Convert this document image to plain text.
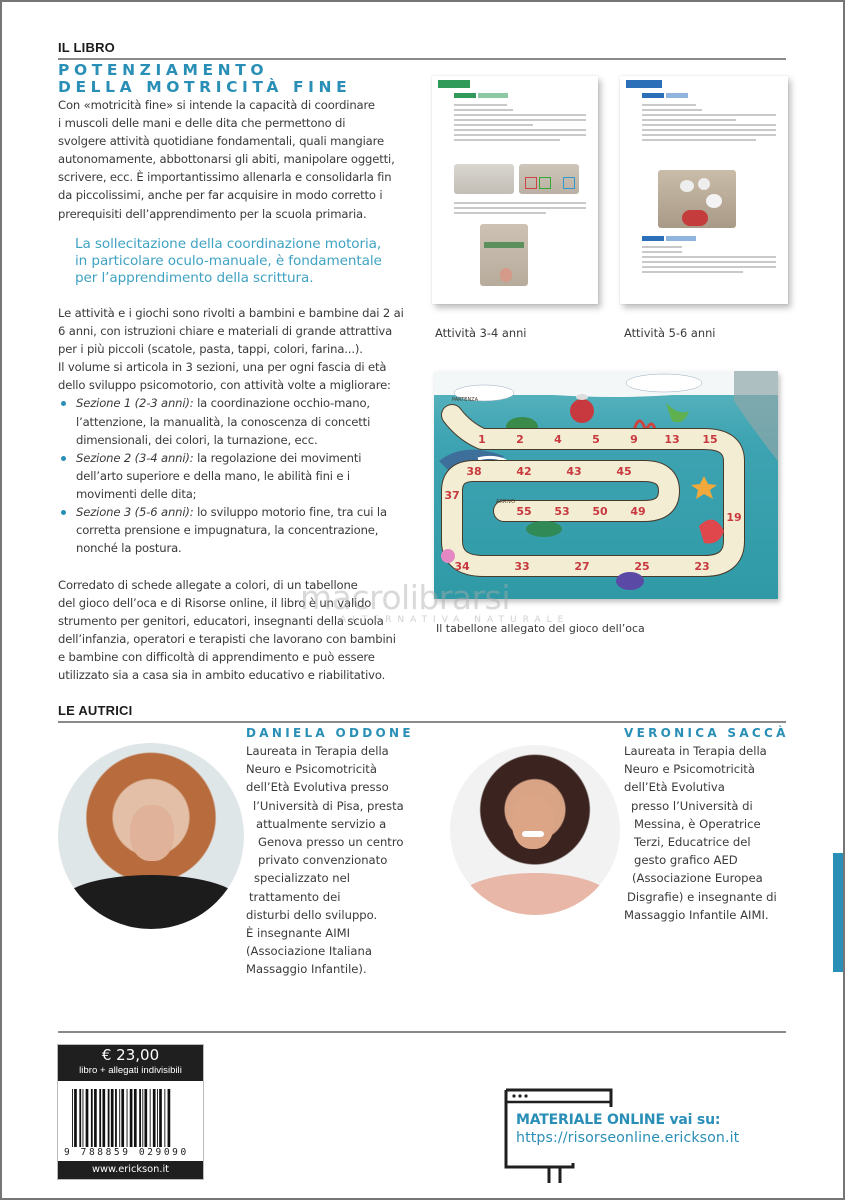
IL LIBRO
POTENZIAMENTO
DELLA MOTRICITÀ FINE
Con «motricità fine» si intende la capacità di coordinare
i muscoli delle mani e delle dita che permettono di
svolgere attività quotidiane fondamentali, quali mangiare
autonomamente, abbottonarsi gli abiti, manipolare oggetti,
scrivere, ecc. È importantissimo allenarla e consolidarla fin
da piccolissimi, anche per far acquisire in modo corretto i
prerequisiti dell’apprendimento per la scuola primaria.
La sollecitazione della coordinazione motoria,
in particolare oculo-manuale, è fondamentale
per l’apprendimento della scrittura.
Le attività e i giochi sono rivolti a bambini e bambine dai 2 ai
6 anni, con istruzioni chiare e materiali di grande attrattiva
per i più piccoli (scatole, pasta, tappi, colori, farina...).
Il volume si articola in 3 sezioni, una per ogni fascia di età
dello sviluppo psicomotorio, con attività volte a migliorare:
Sezione 1 (2-3 anni): la coordinazione occhio-mano,
l’attenzione, la manualità, la conoscenza di concetti
dimensionali, dei colori, la turnazione, ecc.
Sezione 2 (3-4 anni): la regolazione dei movimenti
dell’arto superiore e della mano, le abilità fini e i
movimenti delle dita;
Sezione 3 (5-6 anni): lo sviluppo motorio fine, tra cui la
corretta prensione e impugnatura, la concentrazione,
nonché la postura.
Corredato di schede allegate a colori, di un tabellone
del gioco dell’oca e di Risorse online, il libro è un valido
strumento per genitori, educatori, insegnanti della scuola
dell’infanzia, operatori e terapisti che lavorano con bambini
e bambine con difficoltà di apprendimento e può essere
utilizzato sia a casa sia in ambito educativo e riabilitativo.
Attività 3-4 anni	Attività 5-6 anni
1	2	4	5	9 13 15
38	42	43	45
55 53 50 49
34	33	27	25	23
37
19
PARTENZA
ARRIVO
Il tabellone allegato del gioco dell’oca
macrolibrarsi
ALTERNATIVA NATURALE
LE AUTRICI
DANIELA ODDONE
Laureata in Terapia della
Neuro e Psicomotricità
dell’Età Evolutiva presso
l’Università di Pisa, presta
attualmente servizio a
Genova presso un centro
privato convenzionato
specializzato nel
trattamento dei
disturbi dello sviluppo.
È insegnante AIMI
(Associazione Italiana
Massaggio Infantile).
VERONICA SACCÀ
Laureata in Terapia della
Neuro e Psicomotricità
dell’Età Evolutiva
presso l’Università di
Messina, è Operatrice
Terzi, Educatrice del
gesto grafico AED
(Associazione Europea
Disgrafie) e insegnante di
Massaggio Infantile AIMI.
€ 23,00
libro + allegati indivisibili
9 788859 029090
www.erickson.it
MATERIALE ONLINE vai su:
https://risorseonline.erickson.it
